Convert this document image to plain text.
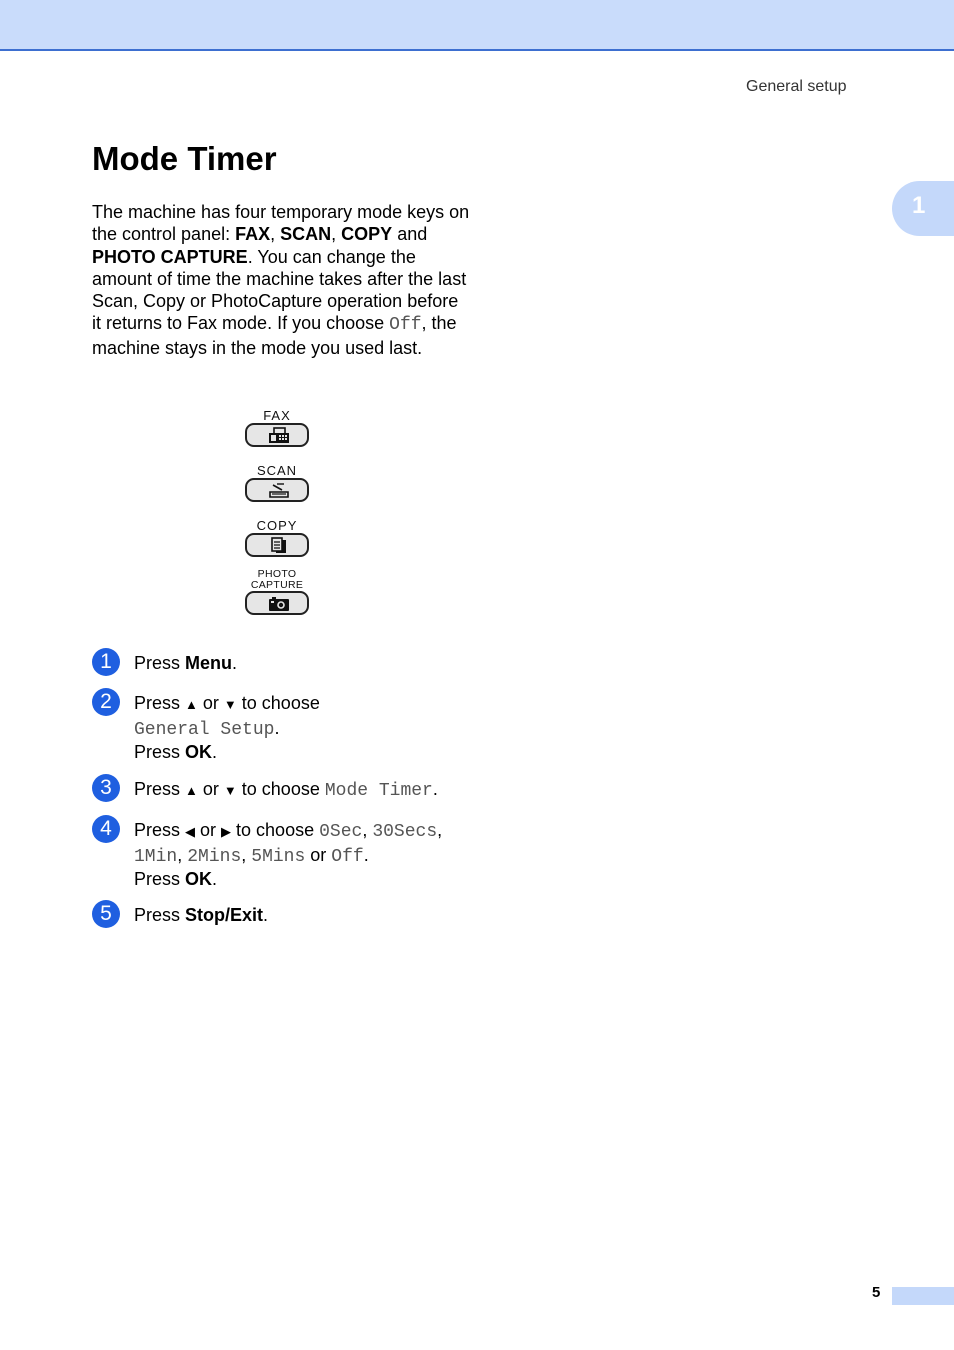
General setup
1
Mode Timer
The machine has four temporary mode keys on the control panel: FAX, SCAN, COPY and PHOTO CAPTURE. You can change the amount of time the machine takes after the last Scan, Copy or PhotoCapture operation before it returns to Fax mode. If you choose Off, the machine stays in the mode you used last.
FAX
SCAN
COPY
PHOTO
CAPTURE
1	Press Menu.
2	Press ▲ or ▼ to choose
General Setup.
Press OK.
3	Press ▲ or ▼ to choose Mode Timer.
4	Press ◀ or ▶ to choose 0Sec, 30Secs,
1Min, 2Mins, 5Mins or Off.
Press OK.
5	Press Stop/Exit.
5
